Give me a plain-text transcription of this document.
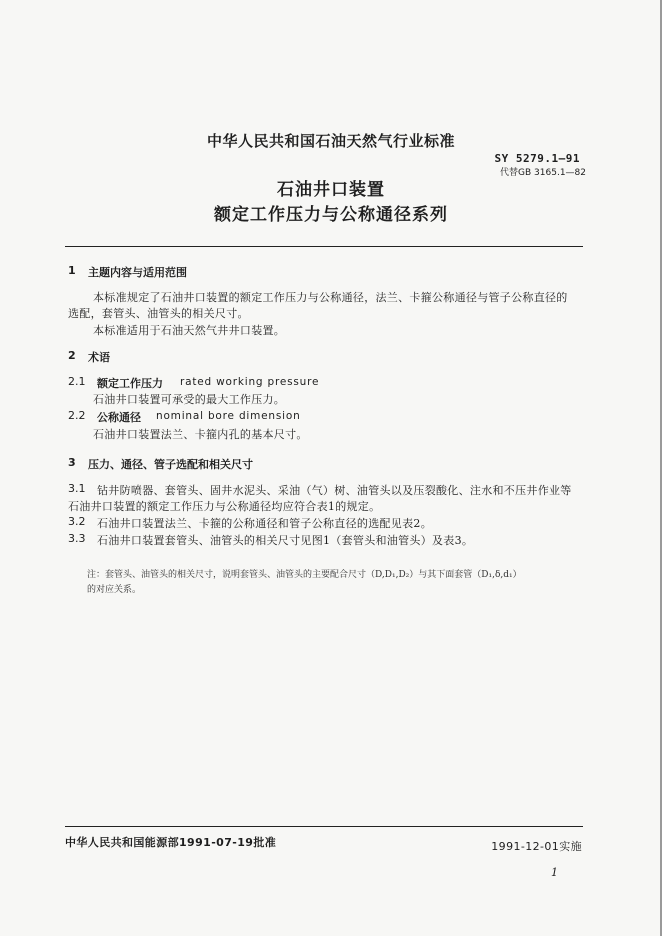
中华人民共和国石油天然气行业标准
SY 5279.1—91
代替GB 3165.1—82
石油井口装置
额定工作压力与公称通径系列
1 主题内容与适用范围
本标准规定了石油井口装置的额定工作压力与公称通径，法兰、卡箍公称通径与管子公称直径的
选配，套管头、油管头的相关尺寸。
本标准适用于石油天然气井井口装置。
2 术语
2.1 额定工作压力 rated working pressure
石油井口装置可承受的最大工作压力。
2.2 公称通径 nominal bore dimension
石油井口装置法兰、卡箍内孔的基本尺寸。
3 压力、通径、管子选配和相关尺寸
3.1 钻井防喷器、套管头、固井水泥头、采油（气）树、油管头以及压裂酸化、注水和不压井作业等
石油井口装置的额定工作压力与公称通径均应符合表1的规定。
3.2 石油井口装置法兰、卡箍的公称通径和管子公称直径的选配见表2。
3.3 石油井口装置套管头、油管头的相关尺寸见图1（套管头和油管头）及表3。
注：套管头、油管头的相关尺寸，说明套管头、油管头的主要配合尺寸（D,D₁,D₂）与其下面套管（D₁,δ,d₁）
的对应关系。
中华人民共和国能源部1991-07-19批准	1991-12-01实施
1
